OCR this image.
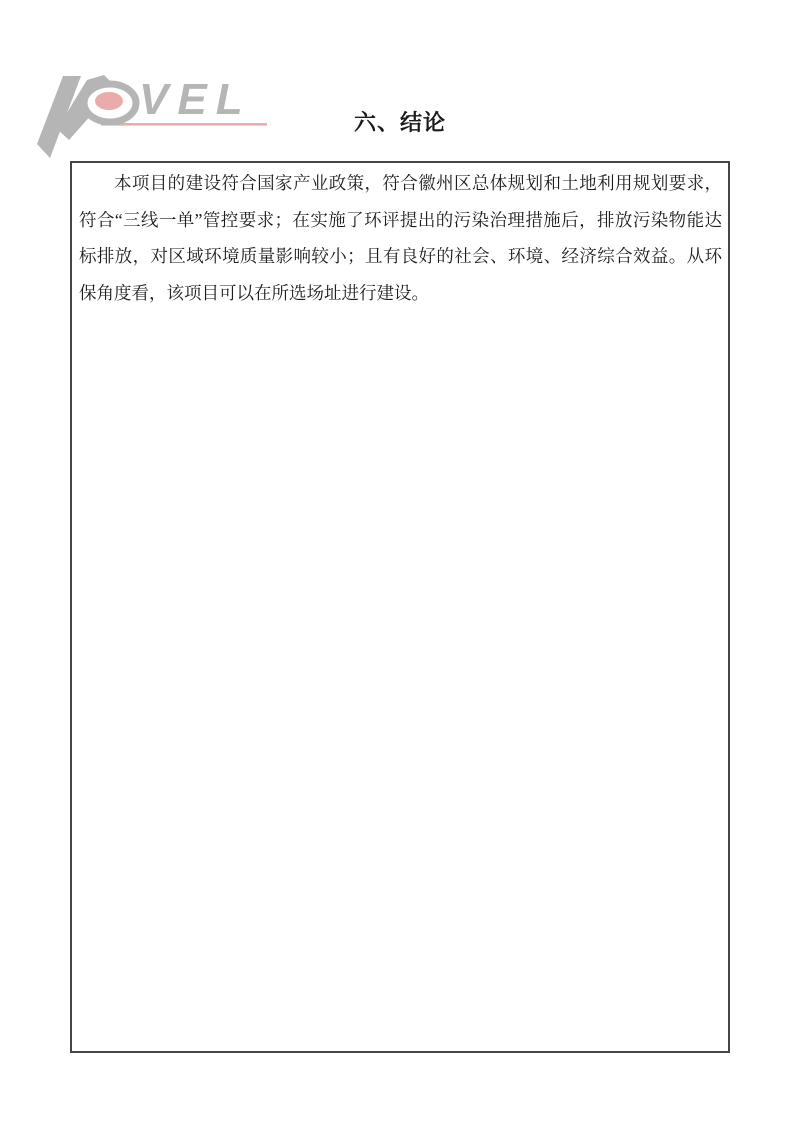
VEL	六、结论

本项目的建设符合国家产业政策，符合徽州区总体规划和土地利用规划要求，符合“三线一单”管控要求；在实施了环评提出的污染治理措施后，排放污染物能达标排放，对区域环境质量影响较小；且有良好的社会、环境、经济综合效益。从环保角度看，该项目可以在所选场址进行建设。
